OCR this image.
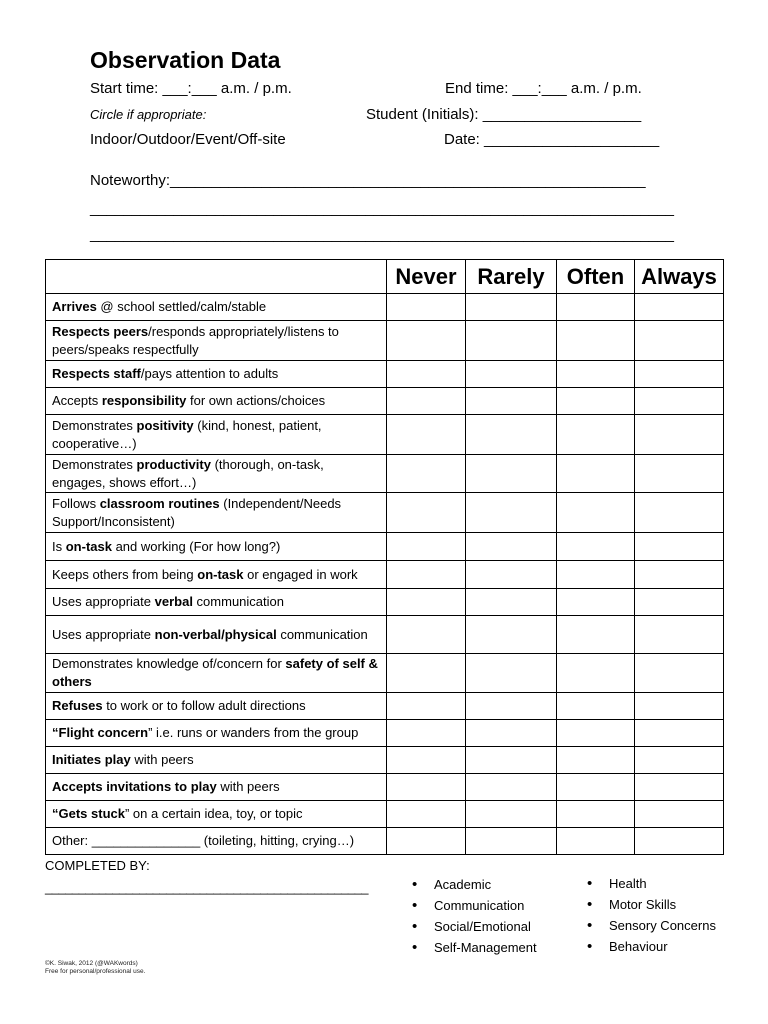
Observation Data
Start time: ___:___ a.m. / p.m.	End time: ___:___ a.m. / p.m.
Circle if appropriate:	Student (Initials): ___________________
Indoor/Outdoor/Event/Off-site	Date: _____________________
Noteworthy:_________________________________________________________
______________________________________________________________________
______________________________________________________________________
	Never	Rarely	Often	Always
Arrives @ school settled/calm/stable				
Respects peers/responds appropriately/listens to peers/speaks respectfully				
Respects staff/pays attention to adults				
Accepts responsibility for own actions/choices				
Demonstrates positivity (kind, honest, patient, cooperative…)				
Demonstrates productivity (thorough, on-task, engages, shows effort…)				
Follows classroom routines (Independent/Needs Support/Inconsistent)				
Is on-task and working (For how long?)				
Keeps others from being on-task or engaged in work				
Uses appropriate verbal communication				
Uses appropriate non-verbal/physical communication				
Demonstrates knowledge of/concern for safety of self & others				
Refuses to work or to follow adult directions				
“Flight concern” i.e. runs or wanders from the group				
Initiates play with peers				
Accepts invitations to play with peers				
“Gets stuck” on a certain idea, toy, or topic				
Other: _______________ (toileting, hitting, crying…)				
COMPLETED BY:
________________________________________________	• Academic
• Communication
• Social/Emotional
• Self-Management
• Health
• Motor Skills
• Sensory Concerns
• Behaviour
©K. Siwak, 2012 (@WAKwords)
Free for personal/professional use.
